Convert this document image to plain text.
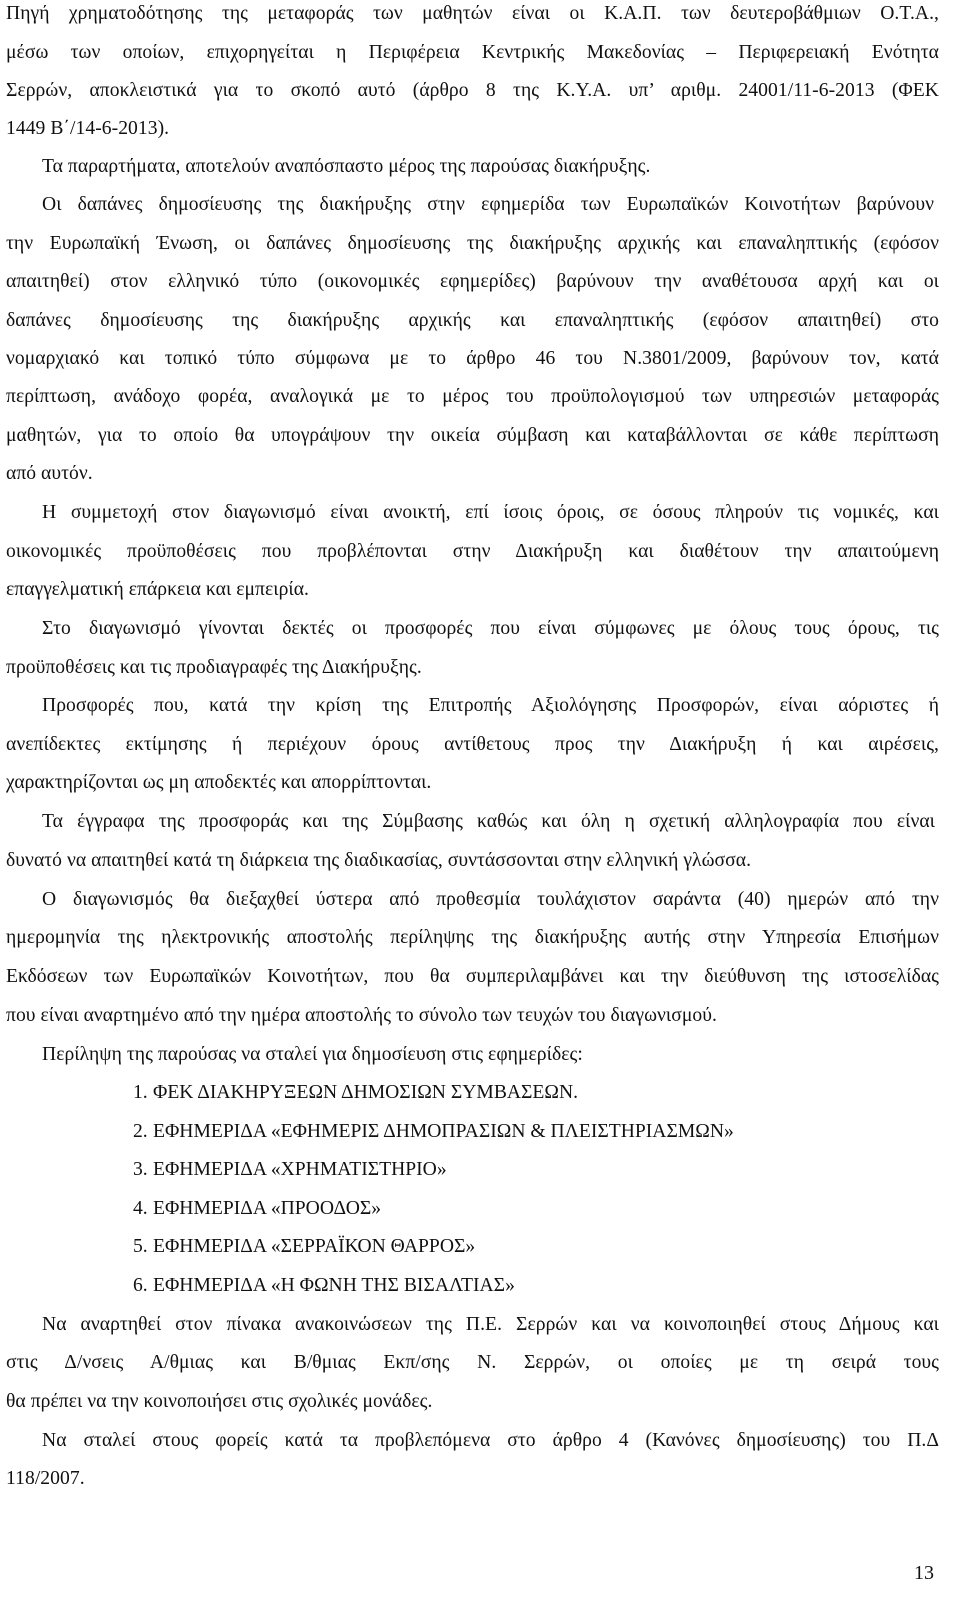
Πηγή χρηματοδότησης της μεταφοράς των μαθητών είναι οι Κ.Α.Π. των δευτεροβάθμιων Ο.Τ.Α.,
μέσω των οποίων, επιχορηγείται η Περιφέρεια Κεντρικής Μακεδονίας – Περιφερειακή Ενότητα
Σερρών, αποκλειστικά για το σκοπό αυτό (άρθρο 8 της Κ.Υ.Α. υπ’ αριθμ. 24001/11-6-2013 (ΦΕΚ
1449 Β΄/14-6-2013).
Τα παραρτήματα, αποτελούν αναπόσπαστο μέρος της παρούσας διακήρυξης.
Οι δαπάνες δημοσίευσης της διακήρυξης στην εφημερίδα των Ευρωπαϊκών Κοινοτήτων βαρύνουν
την Ευρωπαϊκή Ένωση, οι δαπάνες δημοσίευσης της διακήρυξης αρχικής και επαναληπτικής (εφόσον
απαιτηθεί) στον ελληνικό τύπο (οικονομικές εφημερίδες) βαρύνουν την αναθέτουσα αρχή και οι
δαπάνες δημοσίευσης της διακήρυξης αρχικής και επαναληπτικής (εφόσον απαιτηθεί) στο
νομαρχιακό και τοπικό τύπο σύμφωνα με το άρθρο 46 του Ν.3801/2009, βαρύνουν τον, κατά
περίπτωση, ανάδοχο φορέα, αναλογικά με το μέρος του προϋπολογισμού των υπηρεσιών μεταφοράς
μαθητών, για το οποίο θα υπογράψουν την οικεία σύμβαση και καταβάλλονται σε κάθε περίπτωση
από αυτόν.
Η συμμετοχή στον διαγωνισμό είναι ανοικτή, επί ίσοις όροις, σε όσους πληρούν τις νομικές, και
οικονομικές προϋποθέσεις που προβλέπονται στην Διακήρυξη και διαθέτουν την απαιτούμενη
επαγγελματική επάρκεια και εμπειρία.
Στο διαγωνισμό γίνονται δεκτές οι προσφορές που είναι σύμφωνες με όλους τους όρους, τις
προϋποθέσεις και τις προδιαγραφές της Διακήρυξης.
Προσφορές που, κατά την κρίση της Επιτροπής Αξιολόγησης Προσφορών, είναι αόριστες ή
ανεπίδεκτες εκτίμησης ή περιέχουν όρους αντίθετους προς την Διακήρυξη ή και αιρέσεις,
χαρακτηρίζονται ως μη αποδεκτές και απορρίπτονται.
Τα έγγραφα της προσφοράς και της Σύμβασης καθώς και όλη η σχετική αλληλογραφία που είναι
δυνατό να απαιτηθεί κατά τη διάρκεια της διαδικασίας, συντάσσονται στην ελληνική γλώσσα.
Ο διαγωνισμός θα διεξαχθεί ύστερα από προθεσμία τουλάχιστον σαράντα (40) ημερών από την
ημερομηνία της ηλεκτρονικής αποστολής περίληψης της διακήρυξης αυτής στην Υπηρεσία Επισήμων
Εκδόσεων των Ευρωπαϊκών Κοινοτήτων, που θα συμπεριλαμβάνει και την διεύθυνση της ιστοσελίδας
που είναι αναρτημένο από την ημέρα αποστολής το σύνολο των τευχών του διαγωνισμού.
Περίληψη της παρούσας να σταλεί για δημοσίευση στις εφημερίδες:
1. ΦΕΚ ΔΙΑΚΗΡΥΞΕΩΝ ΔΗΜΟΣΙΩΝ ΣΥΜΒΑΣΕΩΝ.
2. ΕΦΗΜΕΡΙΔΑ «ΕΦΗΜΕΡΙΣ ΔΗΜΟΠΡΑΣΙΩΝ & ΠΛΕΙΣΤΗΡΙΑΣΜΩΝ»
3. ΕΦΗΜΕΡΙΔΑ «ΧΡΗΜΑΤΙΣΤΗΡΙΟ»
4. ΕΦΗΜΕΡΙΔΑ «ΠΡΟΟΔΟΣ»
5. ΕΦΗΜΕΡΙΔΑ «ΣΕΡΡΑΪΚΟΝ ΘΑΡΡΟΣ»
6. ΕΦΗΜΕΡΙΔΑ «Η ΦΩΝΗ ΤΗΣ ΒΙΣΑΛΤΙΑΣ»
Να αναρτηθεί στον πίνακα ανακοινώσεων της Π.Ε. Σερρών και να κοινοποιηθεί στους Δήμους και
στις Δ/νσεις Α/θμιας και Β/θμιας Εκπ/σης Ν. Σερρών, οι οποίες με τη σειρά τους
θα πρέπει να την κοινοποιήσει στις σχολικές μονάδες.
Να σταλεί στους φορείς κατά τα προβλεπόμενα στο άρθρο 4 (Κανόνες δημοσίευσης) του Π.Δ
118/2007.
13
